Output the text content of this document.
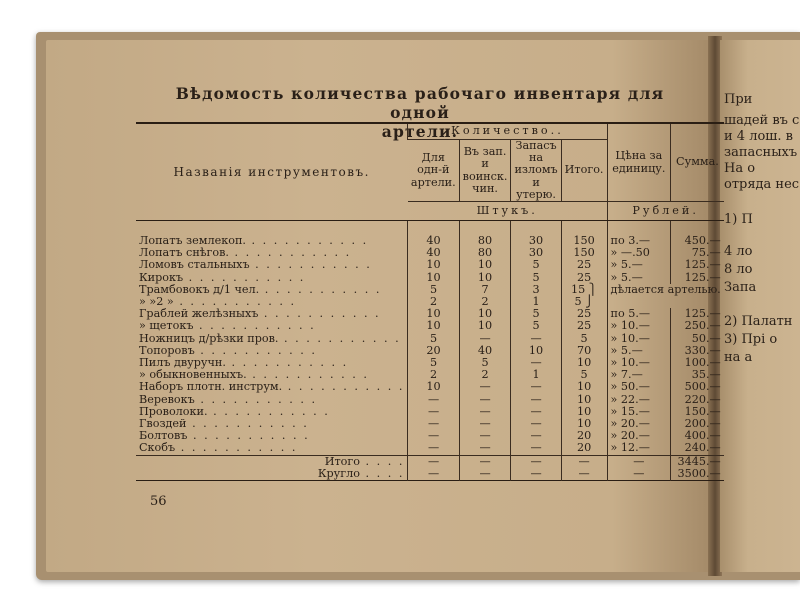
При
шадей въ с
и 4 лош. в
запасныхъ
На о
отряда нес
1) П
4 ло
8 ло
Запа
2) Палатн
3) Прі о
на а
Вѣдомость количества рабочаго инвентаря для одной
артели.
Названія инструментовъ.	Количество..				Цѣна за единицу.	Сумма.
	Для одн-й артели.	Въ зап. и воинск. чин.	Запасъ на изломъ и утерю.	Итого.		
	Штукъ.				Рублей.	

Лопатъ землекоп. . . . . . . . . . . .	40	80	30	150	по 3.—	450.—
Лопатъ снѣгов. . . . . . . . . . . .	40	80	30	150	» —.50	75.—
Ломовъ стальныхъ . . . . . . . . . . .	10	10	5	25	» 5.—	125.—
Кирокъ . . . . . . . . . . .	10	10	5	25	» 5.—	125.—
Трамбовокъ д/1 чел. . . . . . . . . . . .	5	7	3	15 ⎫	дѣлается артелью.	
» »2 » . . . . . . . . . . .	2	2	1	5 ⎭		
Граблей желѣзныхъ . . . . . . . . . . .	10	10	5	25	по 5.—	125.—
» щетокъ . . . . . . . . . . .	10	10	5	25	» 10.—	250.—
Ножницъ д/рѣзки пров. . . . . . . . . . . .	5	—	—	5	» 10.—	50.—
Топоровъ . . . . . . . . . . .	20	40	10	70	» 5.—	330.—
Пилъ двуручн. . . . . . . . . . . .	5	5	—	10	» 10.—	100.—
» обыкновенныхъ. . . . . . . . . . . .	2	2	1	5	» 7.—	35.—
Наборъ плотн. инструм. . . . . . . . . . . .	10	—	—	10	» 50.—	500.—
Веревокъ . . . . . . . . . . .	—	—	—	10	» 22.—	220.—
Проволоки. . . . . . . . . . . .	—	—	—	10	» 15.—	150.—
Гвоздей . . . . . . . . . . .	—	—	—	10	» 20.—	200.—
Болтовъ . . . . . . . . . . .	—	—	—	20	» 20.—	400.—
Скобъ . . . . . . . . . . .	—	—	—	20	» 12.—	240.—
Итого . . . .	—	—	—	—	—	3445.—
Кругло . . . .	—	—	—	—	—	3500.—
56
